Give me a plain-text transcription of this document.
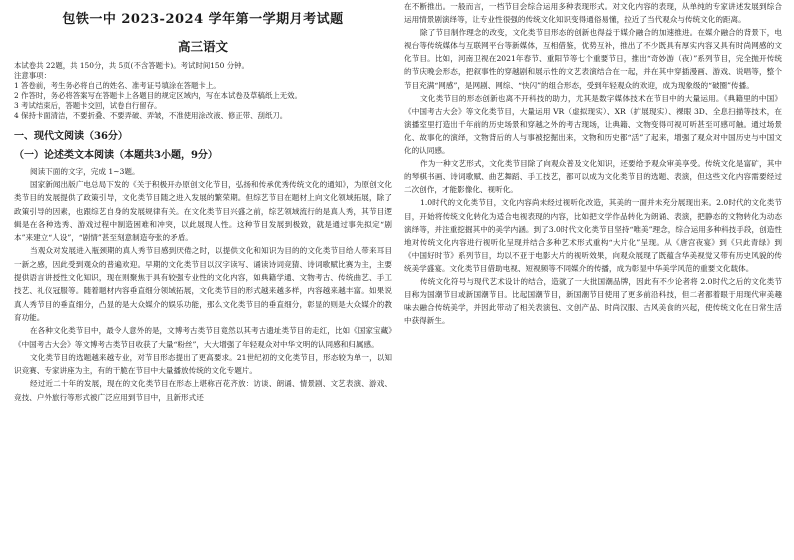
包铁一中 2023-2024 学年第一学期月考试题
高三语文

本试卷共 22题，共 150分，共 5页(不含答题卡)。考试时间150 分钟。

注意事项：

1 答卷前，考生务必将自己的姓名、准考证号填涂在答题卡上。

2 作答时，务必将答案写在答题卡上各题目的规定区域内，写在本试卷及草稿纸上无效。

3 考试结束后，答题卡交回，试卷自行留存。

4 保持卡面清洁，不要折叠、不要弄破、弄皱，不准使用涂改液、修正带、刮纸刀。

一、现代文阅读（36分）
（一）论述类文本阅读（本题共3小题，9分）

阅读下面的文字，完成 1~3题。

国家新闻出版广电总局下发的《关于积极开办原创文化节目，弘扬和传承优秀传统文化的通知》，为原创文化类节目的发展提供了政策引导，文化类节目随之进入发展的繁荣期。但综艺节目在题材上向文化领域拓展，除了政策引导的因素，也跟综艺自身的发展规律有关。在文化类节目兴盛之前，综艺领域流行的是真人秀，其节目逻辑是在各种选秀、游戏过程中制造困难和冲突，以此展现人性。这种节目发展到极致，就是通过事先拟定“剧本”来建立“人设”，“剧情”甚至刻意制造夸张的矛盾。

当观众对发展进入瓶颈期的真人秀节目感到厌倦之时，以提供文化和知识为目的的文化类节目给人带来耳目一新之感，因此受到观众的普遍欢迎。早期的文化类节目以汉字读写、诵读诗词竞猜、诗词歌赋比赛为主，主要提供语言讲授性文化知识，现在则聚焦于具有较强专业性的文化内容，如典籍学通、文物考古、传统曲艺、手工技艺、礼仪冠服等。随着题材内容垂直细分领域拓展，文化类节目的形式越来越多样，内容越来越丰富。如果说真人秀节目的垂直细分，凸显的是大众媒介的娱乐功能，那么文化类节目的垂直细分，彰显的则是大众媒介的教育功能。

在各种文化类节目中，最令人意外的是，文博考古类节目竟然以其考古遗址类节目的走红，比如《国家宝藏》《中国考古大会》等文博考古类节目收获了大量“粉丝”，大大增强了年轻观众对中华文明的认同感和归属感。

文化类节目的选题越来越专业，对节目形态提出了更高要求。21世纪初的文化类节目，形态较为单一，以知识竞赛、专家讲座为主，有的干脆在节目中大量播放传统的文化专题片。

经过近二十年的发展，现在的文化类节目在形态上堪称百花齐放：访谈、朗诵、情景剧、文艺表演、游戏、竞技、户外旅行等形式被广泛应用到节目中，且新形式还

在不断推出。一般而言，一档节目会综合运用多种表现形式。对文化内容的表现，从单纯的专家讲述发展到综合运用情景剧演绎等，让专业性很强的传统文化知识变得通俗易懂，拉近了当代观众与传统文化的距离。

除了节目制作理念的改变，文化类节目形态的创新也得益于媒介融合的加速推进。在媒介融合的背景下，电视台等传统媒体与互联网平台等新媒体，互相借鉴，优势互补，推出了不少既具有厚实内容又具有时尚网感的文化节目。比如，河南卫视在2021年春节、重阳节等七个重要节日，推出“奇妙游（夜）”系列节目，完全抛开传统的节庆晚会形态，把叙事性的穿越剧和展示性的文艺表演结合在一起，并在其中穿插漫画、游戏、说唱等，整个节目充满“网感”，是网剧、网综、“快闪”的组合形态，受到年轻观众的欢迎，成为现象级的“破圈”传播。

文化类节目的形态创新也离不开科技的助力，尤其是数字媒体技术在节目中的大量运用。《典籍里的中国》《中国考古大会》等文化类节目，大量运用 VR（虚拟现实）、XR（扩展现实）、裸眼 3D、全息扫描等技术，在演播室里打造出千年前的历史场景和穿越之外的考古现场，让典籍、文物变得可视可听甚至可感可触。通过场景化、故事化的演绎，文物背后的人与事被挖掘出来，文物和历史都“活”了起来，增强了观众对中国历史与中国文化的认同感。

作为一种文艺形式，文化类节目除了向观众普及文化知识，还要给予观众审美享受。传统文化是富矿，其中的琴棋书画、诗词歌赋、曲艺舞蹈、手工技艺，都可以成为文化类节目的选题、表演，但这些文化内容需要经过二次创作，才能影像化、视听化。

1.0时代的文化类节目，文化内容尚未经过视听化改造，其美的一面并未充分展现出来。2.0时代的文化类节目，开始将传统文化转化为适合电视表现的内容，比如把文学作品转化为朗诵、表演，把静态的文物转化为动态演绎等，并注重挖掘其中的美学内涵。到了3.0时代文化类节目坚持“唯美”理念，综合运用多种科技手段，创造性地对传统文化内容进行视听化呈现并结合多种艺术形式重构“大片化”呈现。从《唐宫夜宴》到《只此青绿》到《中国好时节》系列节目，均以不亚于电影大片的视听效果，向观众展现了既蕴含华美视觉又带有历史风貌的传统美学盛宴。文化类节目借助电视、短视频等不同媒介的传播，成为彰显中华美学风范的重要文化载体。

传统文化符号与现代艺术设计的结合，造就了一大批国潮品牌，因此有不少论者将 2.0时代之后的文化类节目称为国潮节目或新国潮节目。比起国潮节目，新国潮节目使用了更多前沿科技，但二者都着眼于用现代审美趣味去融合传统美学，并因此带动了相关表演包、文创产品、时尚汉服、古风美食的兴起，使传统文化在日常生活中获得新生。
